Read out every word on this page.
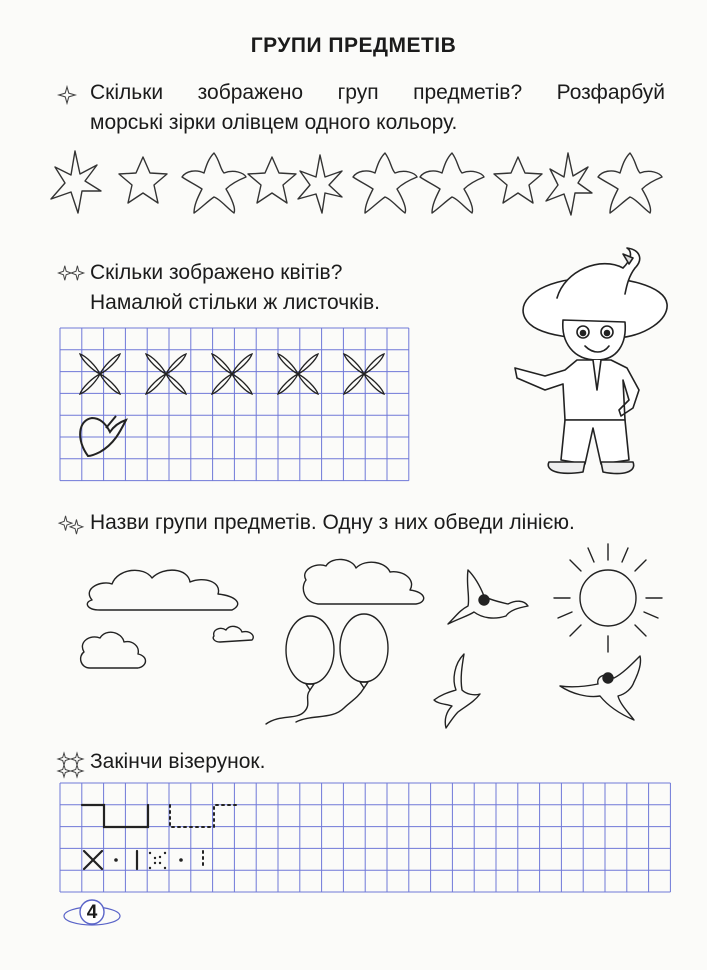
ГРУПИ ПРЕДМЕТІВ
Скільки зображено груп предметів? Розфарбуй
морські зірки олівцем одного кольору.
Скільки зображено квітів?
Намалюй стільки ж листочків.
Назви групи предметів. Одну з них обведи лінією.
Закінчи візерунок.
4
